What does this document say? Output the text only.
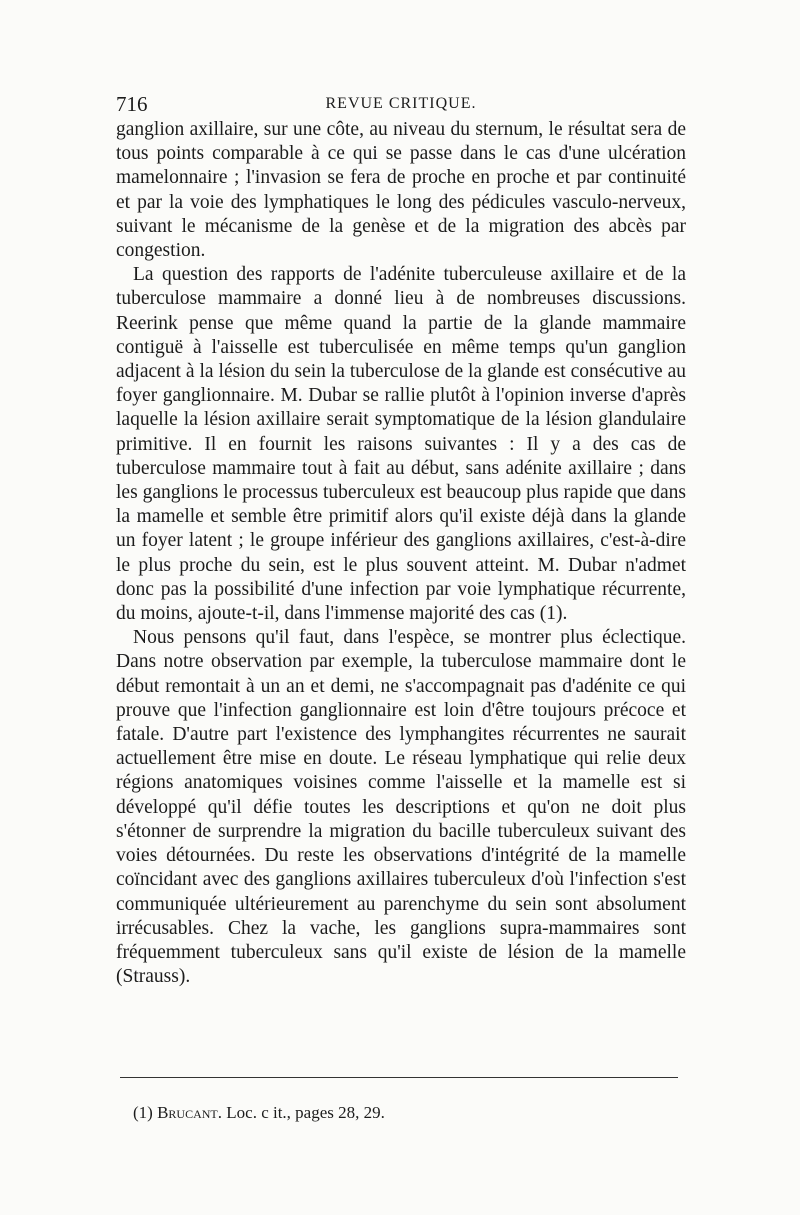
716	REVUE CRITIQUE.

ganglion axillaire, sur une côte, au niveau du sternum, le résultat sera de tous points comparable à ce qui se passe dans le cas d'une ulcération mamelonnaire ; l'invasion se fera de proche en proche et par continuité et par la voie des lymphatiques le long des pédicules vasculo-nerveux, suivant le mécanisme de la genèse et de la migration des abcès par congestion.

La question des rapports de l'adénite tuberculeuse axillaire et de la tuberculose mammaire a donné lieu à de nombreuses discussions. Reerink pense que même quand la partie de la glande mammaire contiguë à l'aisselle est tuberculisée en même temps qu'un ganglion adjacent à la lésion du sein la tuberculose de la glande est consécutive au foyer ganglionnaire. M. Dubar se rallie plutôt à l'opinion inverse d'après laquelle la lésion axillaire serait symptomatique de la lésion glandulaire primitive. Il en fournit les raisons suivantes : Il y a des cas de tuberculose mammaire tout à fait au début, sans adénite axillaire ; dans les ganglions le processus tuberculeux est beaucoup plus rapide que dans la mamelle et semble être primitif alors qu'il existe déjà dans la glande un foyer latent ; le groupe inférieur des ganglions axillaires, c'est-à-dire le plus proche du sein, est le plus souvent atteint. M. Dubar n'admet donc pas la possibilité d'une infection par voie lymphatique récurrente, du moins, ajoute-t-il, dans l'immense majorité des cas (1).

Nous pensons qu'il faut, dans l'espèce, se montrer plus éclectique. Dans notre observation par exemple, la tuberculose mammaire dont le début remontait à un an et demi, ne s'accompagnait pas d'adénite ce qui prouve que l'infection ganglionnaire est loin d'être toujours précoce et fatale. D'autre part l'existence des lymphangites récurrentes ne saurait actuellement être mise en doute. Le réseau lymphatique qui relie deux régions anatomiques voisines comme l'aisselle et la mamelle est si développé qu'il défie toutes les descriptions et qu'on ne doit plus s'étonner de surprendre la migration du bacille tuberculeux suivant des voies détournées. Du reste les observations d'intégrité de la mamelle coïncidant avec des ganglions axillaires tuberculeux d'où l'infection s'est communiquée ultérieurement au parenchyme du sein sont absolument irrécusables. Chez la vache, les ganglions supra-mammaires sont fréquemment tuberculeux sans qu'il existe de lésion de la mamelle (Strauss).

(1) Brucant. Loc. c it., pages 28, 29.
